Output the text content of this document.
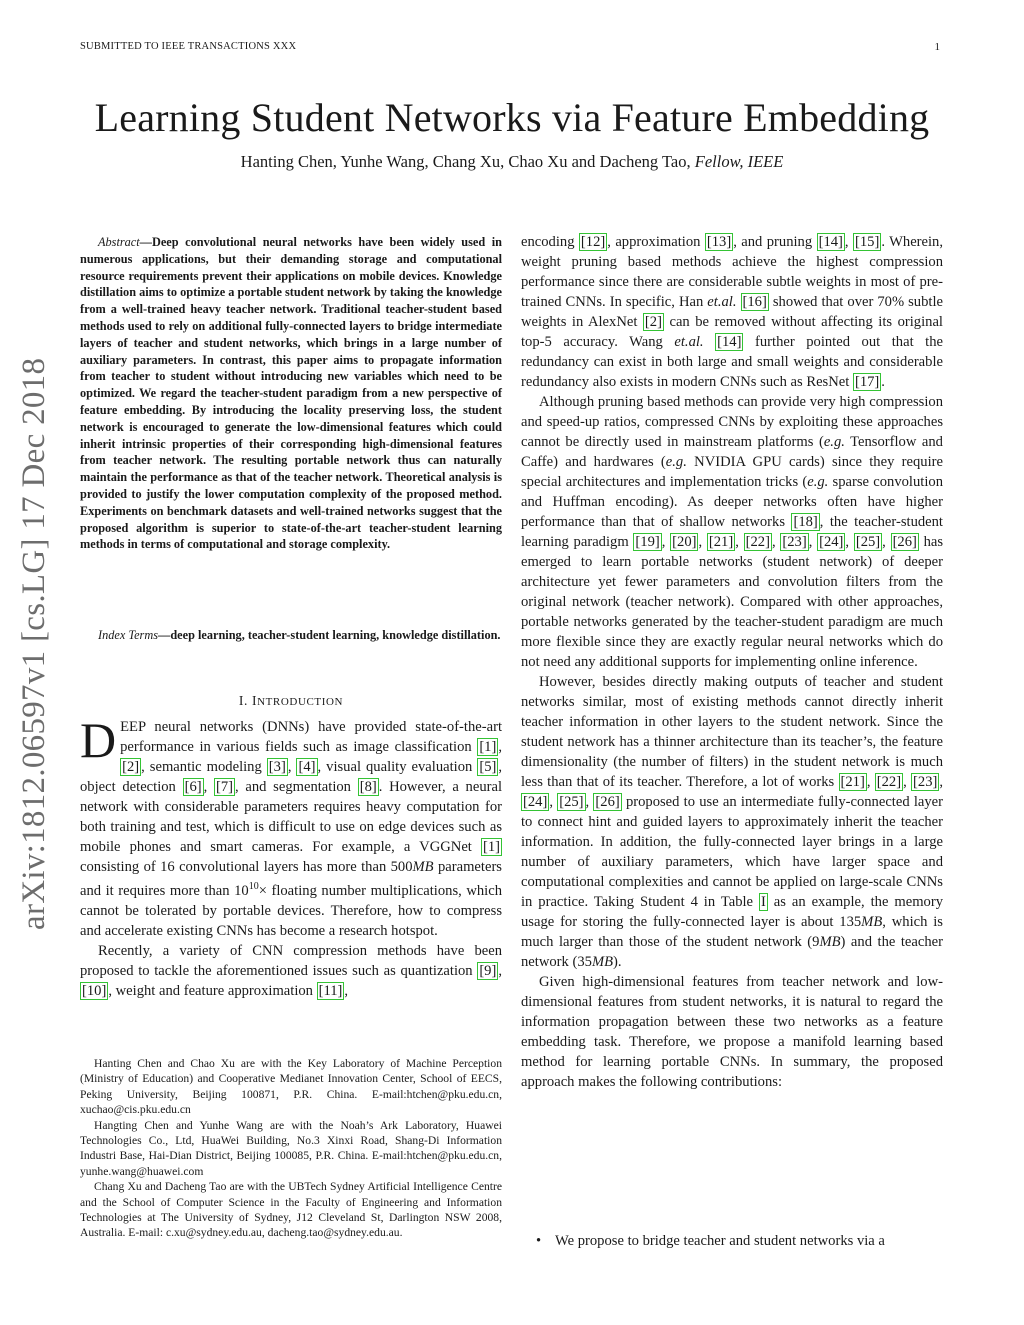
SUBMITTED TO IEEE TRANSACTIONS XXX	1
Learning Student Networks via Feature Embedding
Hanting Chen, Yunhe Wang, Chang Xu, Chao Xu and Dacheng Tao, Fellow, IEEE
arXiv:1812.06597v1 [cs.LG] 17 Dec 2018

Abstract—Deep convolutional neural networks have been widely used in numerous applications, but their demanding storage and computational resource requirements prevent their applications on mobile devices. Knowledge distillation aims to optimize a portable student network by taking the knowledge from a well-trained heavy teacher network. Traditional teacher-student based methods used to rely on additional fully-connected layers to bridge intermediate layers of teacher and student networks, which brings in a large number of auxiliary parameters. In contrast, this paper aims to propagate information from teacher to student without introducing new variables which need to be optimized. We regard the teacher-student paradigm from a new perspective of feature embedding. By introducing the locality preserving loss, the student network is encouraged to generate the low-dimensional features which could inherit intrinsic properties of their corresponding high-dimensional features from teacher network. The resulting portable network thus can naturally maintain the performance as that of the teacher network. Theoretical analysis is provided to justify the lower computation complexity of the proposed method. Experiments on benchmark datasets and well-trained networks suggest that the proposed algorithm is superior to state-of-the-art teacher-student learning methods in terms of computational and storage complexity.

Index Terms—deep learning, teacher-student learning, knowledge distillation.
I. INTRODUCTION

DEEP neural networks (DNNs) have provided state-of-the-art performance in various fields such as image classification [1] , [2] , semantic modeling [3] , [4] , visual quality evaluation [5] , object detection [6] , [7] , and segmentation [8] . However, a neural network with considerable parameters requires heavy computation for both training and test, which is difficult to use on edge devices such as mobile phones and smart cameras. For example, a VGGNet [1] consisting of 16 convolutional layers has more than 500MB parameters and it requires more than $10^{10}\times$ floating number multiplications, which cannot be tolerated by portable devices. Therefore, how to compress and accelerate existing CNNs has become a research hotspot.

Recently, a variety of CNN compression methods have been proposed to tackle the aforementioned issues such as quantization [9] , [10] , weight and feature approximation [11] ,

Hanting Chen and Chao Xu are with the Key Laboratory of Machine Perception (Ministry of Education) and Cooperative Medianet Innovation Center, School of EECS, Peking University, Beijing 100871, P.R. China. E-mail:htchen@pku.edu.cn, xuchao@cis.pku.edu.cn

Hangting Chen and Yunhe Wang are with the Noah’s Ark Laboratory, Huawei Technologies Co., Ltd, HuaWei Building, No.3 Xinxi Road, Shang-Di Information Industri Base, Hai-Dian District, Beijing 100085, P.R. China. E-mail:htchen@pku.edu.cn, yunhe.wang@huawei.com

Chang Xu and Dacheng Tao are with the UBTech Sydney Artificial Intelligence Centre and the School of Computer Science in the Faculty of Engineering and Information Technologies at The University of Sydney, J12 Cleveland St, Darlington NSW 2008, Australia. E-mail: c.xu@sydney.edu.au, dacheng.tao@sydney.edu.au.

encoding [12] , approximation [13] , and pruning [14] , [15] . Wherein, weight pruning based methods achieve the highest compression performance since there are considerable subtle weights in most of pre-trained CNNs. In specific, Han et.al. [16] showed that over 70% subtle weights in AlexNet [2] can be removed without affecting its original top-5 accuracy. Wang et.al. [14] further pointed out that the redundancy can exist in both large and small weights and considerable redundancy also exists in modern CNNs such as ResNet [17] .

Although pruning based methods can provide very high compression and speed-up ratios, compressed CNNs by exploiting these approaches cannot be directly used in mainstream platforms (e.g. Tensorflow and Caffe) and hardwares (e.g. NVIDIA GPU cards) since they require special architectures and implementation tricks (e.g. sparse convolution and Huffman encoding). As deeper networks often have higher performance than that of shallow networks [18] , the teacher-student learning paradigm [19] , [20] , [21] , [22] , [23] , [24] , [25] , [26] has emerged to learn portable networks (student network) of deeper architecture yet fewer parameters and convolution filters from the original network (teacher network). Compared with other approaches, portable networks generated by the teacher-student paradigm are much more flexible since they are exactly regular neural networks which do not need any additional supports for implementing online inference.

However, besides directly making outputs of teacher and student networks similar, most of existing methods cannot directly inherit teacher information in other layers to the student network. Since the student network has a thinner architecture than its teacher’s, the feature dimensionality (the number of filters) in the student network is much less than that of its teacher. Therefore, a lot of works [21] , [22] , [23] , [24] , [25] , [26] proposed to use an intermediate fully-connected layer to connect hint and guided layers to approximately inherit the teacher information. In addition, the fully-connected layer brings in a large number of auxiliary parameters, which have larger space and computational complexities and cannot be applied on large-scale CNNs in practice. Taking Student 4 in Table I as an example, the memory usage for storing the fully-connected layer is about 135MB, which is much larger than those of the student network (9MB) and the teacher network (35MB).

Given high-dimensional features from teacher network and low-dimensional features from student networks, it is natural to regard the information propagation between these two networks as a feature embedding task. Therefore, we propose a manifold learning based method for learning portable CNNs. In summary, the proposed approach makes the following contributions:

• We propose to bridge teacher and student networks via a
